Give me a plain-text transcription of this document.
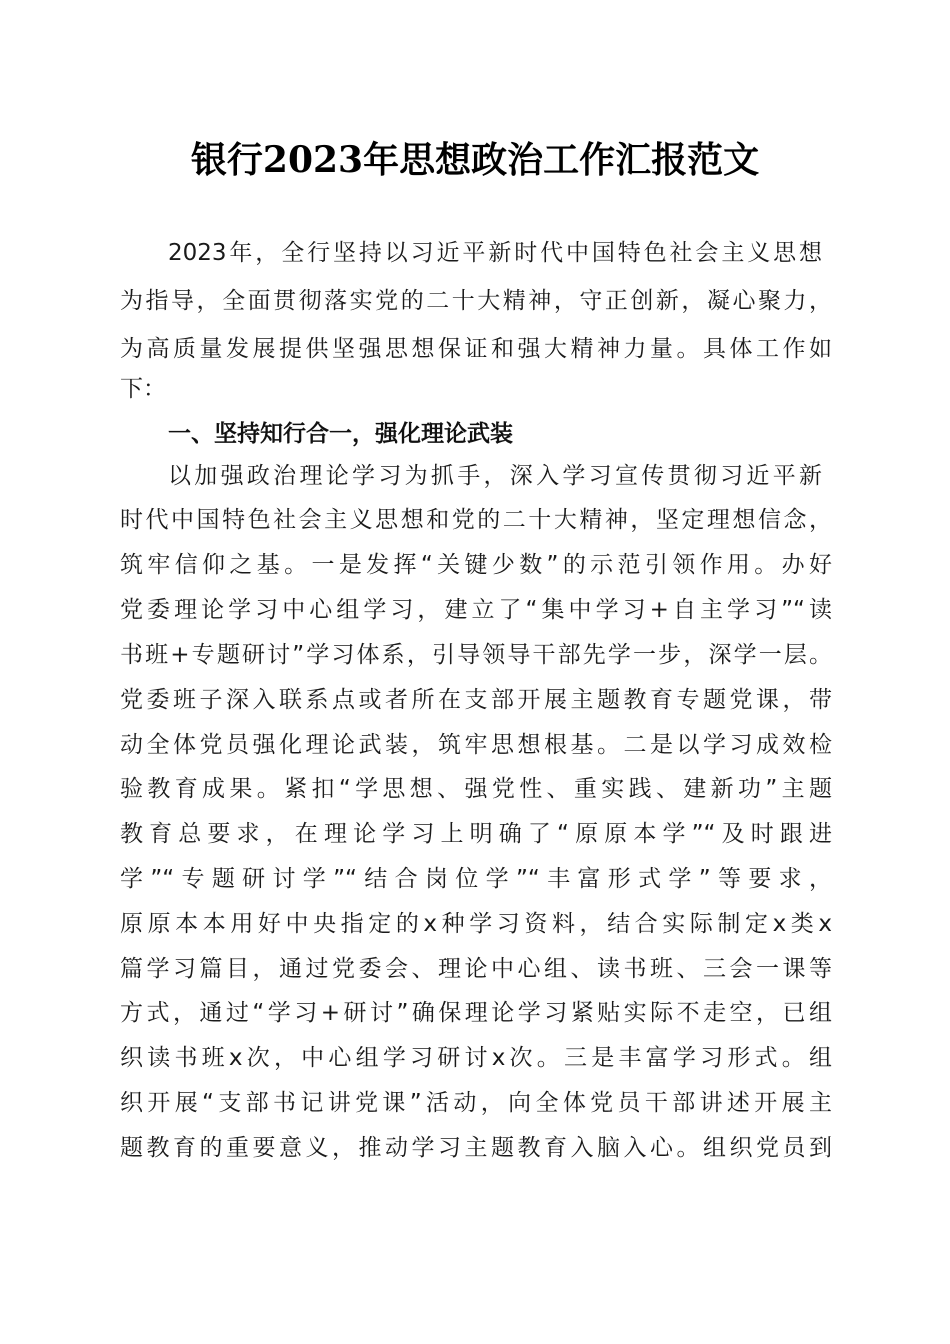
银行2023年思想政治工作汇报范文
2023年，全行坚持以习近平新时代中国特色社会主义思想
为指导，全面贯彻落实党的二十大精神，守正创新，凝心聚力，
为高质量发展提供坚强思想保证和强大精神力量。具体工作如
下：
一、坚持知行合一，强化理论武装
以加强政治理论学习为抓手，深入学习宣传贯彻习近平新
时代中国特色社会主义思想和党的二十大精神，坚定理想信念，
筑牢信仰之基。一是发挥“关键少数”的示范引领作用。办好
党委理论学习中心组学习，建立了“集中学习+自主学习”“读
书班+专题研讨”学习体系，引导领导干部先学一步，深学一层。
党委班子深入联系点或者所在支部开展主题教育专题党课，带
动全体党员强化理论武装，筑牢思想根基。二是以学习成效检
验教育成果。紧扣“学思想、强党性、重实践、建新功”主题
教育总要求，在理论学习上明确了“原原本学”“及时跟进
学”“专题研讨学”“结合岗位学”“丰富形式学”等要求，
原原本本用好中央指定的x种学习资料，结合实际制定x类x
篇学习篇目，通过党委会、理论中心组、读书班、三会一课等
方式，通过“学习+研讨”确保理论学习紧贴实际不走空，已组
织读书班x次，中心组学习研讨x次。三是丰富学习形式。组
织开展“支部书记讲党课”活动，向全体党员干部讲述开展主
题教育的重要意义，推动学习主题教育入脑入心。组织党员到
